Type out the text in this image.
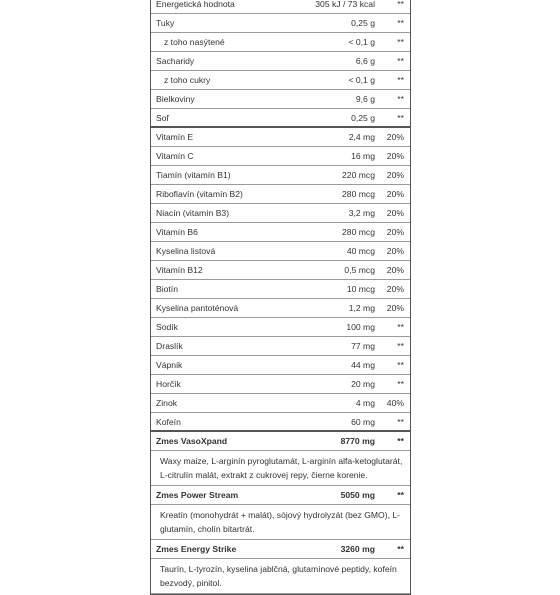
Energetická hodnota	305 kJ / 73 kcal	**
Tuky	0,25 g	**
z toho nasýtené	< 0,1 g	**
Sacharidy	6,6 g	**
z toho cukry	< 0,1 g	**
Bielkoviny	9,6 g	**
Soľ	0,25 g	**
Vitamín E	2,4 mg	20%
Vitamín C	16 mg	20%
Tiamín (vitamín B1)	220 mcg	20%
Riboflavín (vitamín B2)	280 mcg	20%
Niacín (vitamín B3)	3,2 mg	20%
Vitamín B6	280 mcg	20%
Kyselina listová	40 mcg	20%
Vitamín B12	0,5 mcg	20%
Biotín	10 mcg	20%
Kyselina pantoténová	1,2 mg	20%
Sodík	100 mg	**
Draslík	77 mg	**
Vápnik	44 mg	**
Horčík	20 mg	**
Zinok	4 mg	40%
Kofeín	60 mg	**
Zmes VasoXpand	8770 mg	**
Waxy maize, L-arginín pyroglutamát, L-arginín alfa-ketoglutarát, L-citrulín malát, extrakt z cukrovej repy, čierne korenie.
Zmes Power Stream	5050 mg	**
Kreatín (monohydrát + malát), sójový hydrolyzát (bez GMO), L-glutamín, cholín bitartrát.
Zmes Energy Strike	3260 mg	**
Taurín, L-tyrozín, kyselina jablčná, glutamínové peptidy, kofeín bezvodý, pinitol.
